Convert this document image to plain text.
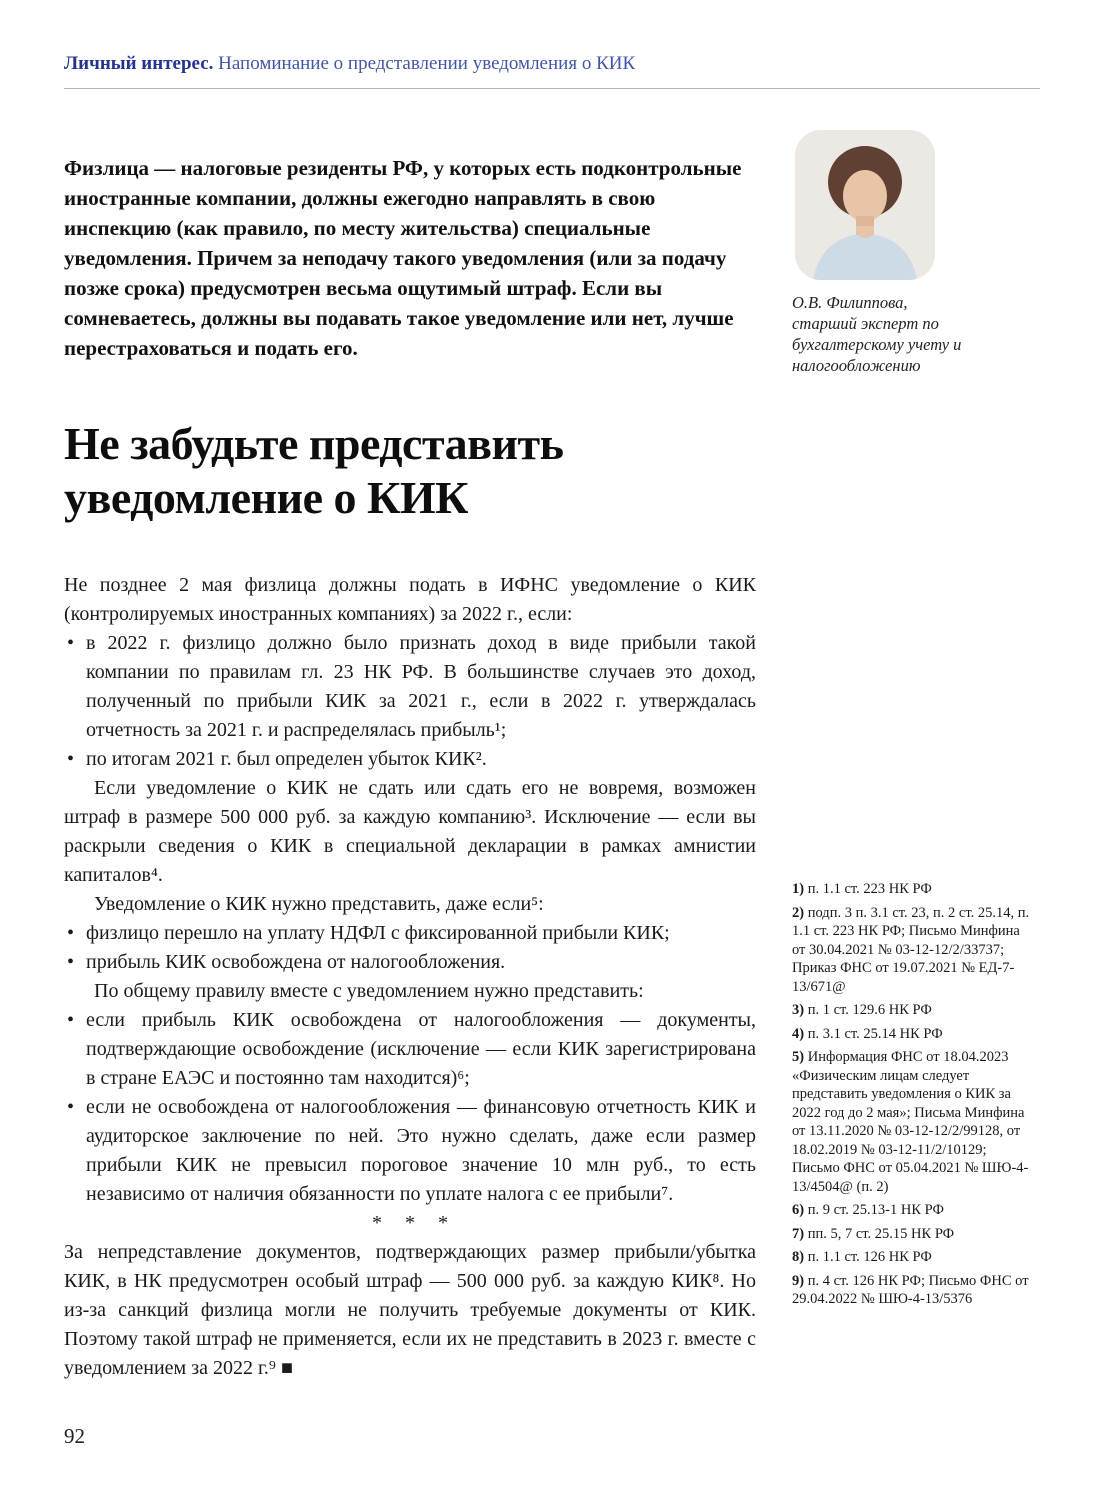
Личный интерес. Напоминание о представлении уведомления о КИК

Физлица — налоговые резиденты РФ, у которых есть подконтрольные иностранные компании, должны ежегодно направлять в свою инспекцию (как правило, по месту жительства) специальные уведомления. Причем за неподачу такого уведомления (или за подачу позже срока) предусмотрен весьма ощутимый штраф. Если вы сомневаетесь, должны вы подавать такое уведомление или нет, лучше перестраховаться и подать его.

Не забудьте представить уведомление о КИК

Не позднее 2 мая физлица должны подать в ИФНС уведомление о КИК (контролируемых иностранных компаниях) за 2022 г., если:

• в 2022 г. физлицо должно было признать доход в виде прибыли такой компании по правилам гл. 23 НК РФ. В большинстве случаев это доход, полученный по прибыли КИК за 2021 г., если в 2022 г. утверждалась отчетность за 2021 г. и распределялась прибыль¹;
• по итогам 2021 г. был определен убыток КИК².

Если уведомление о КИК не сдать или сдать его не вовремя, возможен штраф в размере 500 000 руб. за каждую компанию³. Исключение — если вы раскрыли сведения о КИК в специальной декларации в рамках амнистии капиталов⁴.

Уведомление о КИК нужно представить, даже если⁵:

• физлицо перешло на уплату НДФЛ с фиксированной прибыли КИК;
• прибыль КИК освобождена от налогообложения.

По общему правилу вместе с уведомлением нужно представить:

• если прибыль КИК освобождена от налогообложения — документы, подтверждающие освобождение (исключение — если КИК зарегистрирована в стране ЕАЭС и постоянно там находится)⁶;
• если не освобождена от налогообложения — финансовую отчетность КИК и аудиторское заключение по ней. Это нужно сделать, даже если размер прибыли КИК не превысил пороговое значение 10 млн руб., то есть независимо от наличия обязанности по уплате налога с ее прибыли⁷.

* * *

За непредставление документов, подтверждающих размер прибыли/убытка КИК, в НК предусмотрен особый штраф — 500 000 руб. за каждую КИК⁸. Но из-за санкций физлица могли не получить требуемые документы от КИК. Поэтому такой штраф не применяется, если их не представить в 2023 г. вместе с уведомлением за 2022 г.⁹ ■

О.В. Филиппова,
старший эксперт по бухгалтерскому учету и налогообложению

1) п. 1.1 ст. 223 НК РФ

2) подп. 3 п. 3.1 ст. 23, п. 2 ст. 25.14, п. 1.1 ст. 223 НК РФ; Письмо Минфина от 30.04.2021 № 03-12-12/2/33737; Приказ ФНС от 19.07.2021 № ЕД-7-13/671@

3) п. 1 ст. 129.6 НК РФ

4) п. 3.1 ст. 25.14 НК РФ

5) Информация ФНС от 18.04.2023 «Физическим лицам следует представить уведомления о КИК за 2022 год до 2 мая»; Письма Минфина от 13.11.2020 № 03-12-12/2/99128, от 18.02.2019 № 03-12-11/2/10129; Письмо ФНС от 05.04.2021 № ШЮ-4-13/4504@ (п. 2)

6) п. 9 ст. 25.13-1 НК РФ

7) пп. 5, 7 ст. 25.15 НК РФ

8) п. 1.1 ст. 126 НК РФ

9) п. 4 ст. 126 НК РФ; Письмо ФНС от 29.04.2022 № ШЮ-4-13/5376

92
